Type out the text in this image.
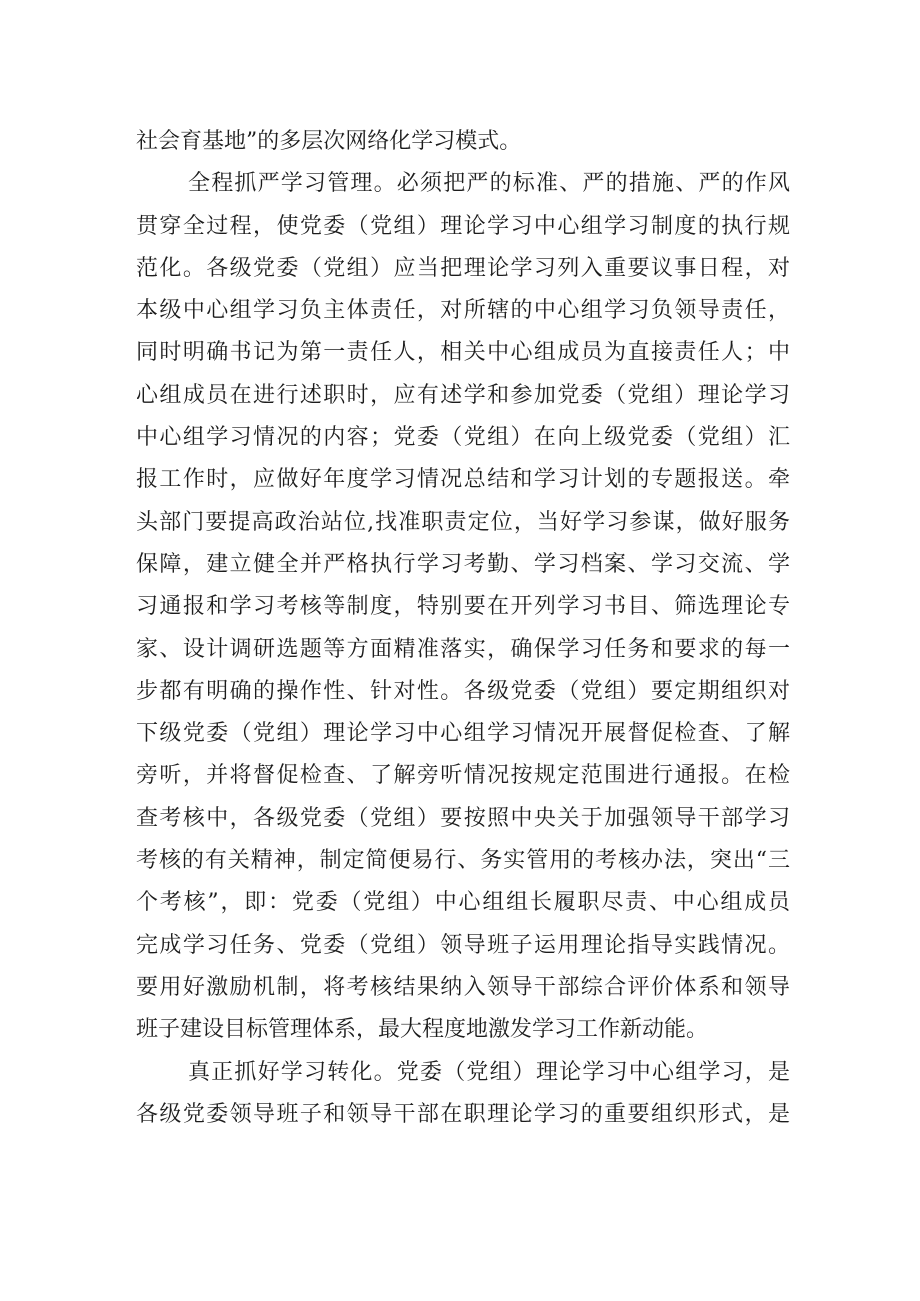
社会育基地”的多层次网络化学习模式。
全程抓严学习管理。必须把严的标准、严的措施、严的作风
贯穿全过程，使党委（党组）理论学习中心组学习制度的执行规
范化。各级党委（党组）应当把理论学习列入重要议事日程，对
本级中心组学习负主体责任，对所辖的中心组学习负领导责任，
同时明确书记为第一责任人，相关中心组成员为直接责任人；中
心组成员在进行述职时，应有述学和参加党委（党组）理论学习
中心组学习情况的内容；党委（党组）在向上级党委（党组）汇
报工作时，应做好年度学习情况总结和学习计划的专题报送。牵
头部门要提高政治站位,找准职责定位，当好学习参谋，做好服务
保障，建立健全并严格执行学习考勤、学习档案、学习交流、学
习通报和学习考核等制度，特别要在开列学习书目、筛选理论专
家、设计调研选题等方面精准落实，确保学习任务和要求的每一
步都有明确的操作性、针对性。各级党委（党组）要定期组织对
下级党委（党组）理论学习中心组学习情况开展督促检查、了解
旁听，并将督促检查、了解旁听情况按规定范围进行通报。在检
查考核中，各级党委（党组）要按照中央关于加强领导干部学习
考核的有关精神，制定简便易行、务实管用的考核办法，突出“三
个考核”，即：党委（党组）中心组组长履职尽责、中心组成员
完成学习任务、党委（党组）领导班子运用理论指导实践情况。
要用好激励机制，将考核结果纳入领导干部综合评价体系和领导
班子建设目标管理体系，最大程度地激发学习工作新动能。
真正抓好学习转化。党委（党组）理论学习中心组学习，是
各级党委领导班子和领导干部在职理论学习的重要组织形式，是
